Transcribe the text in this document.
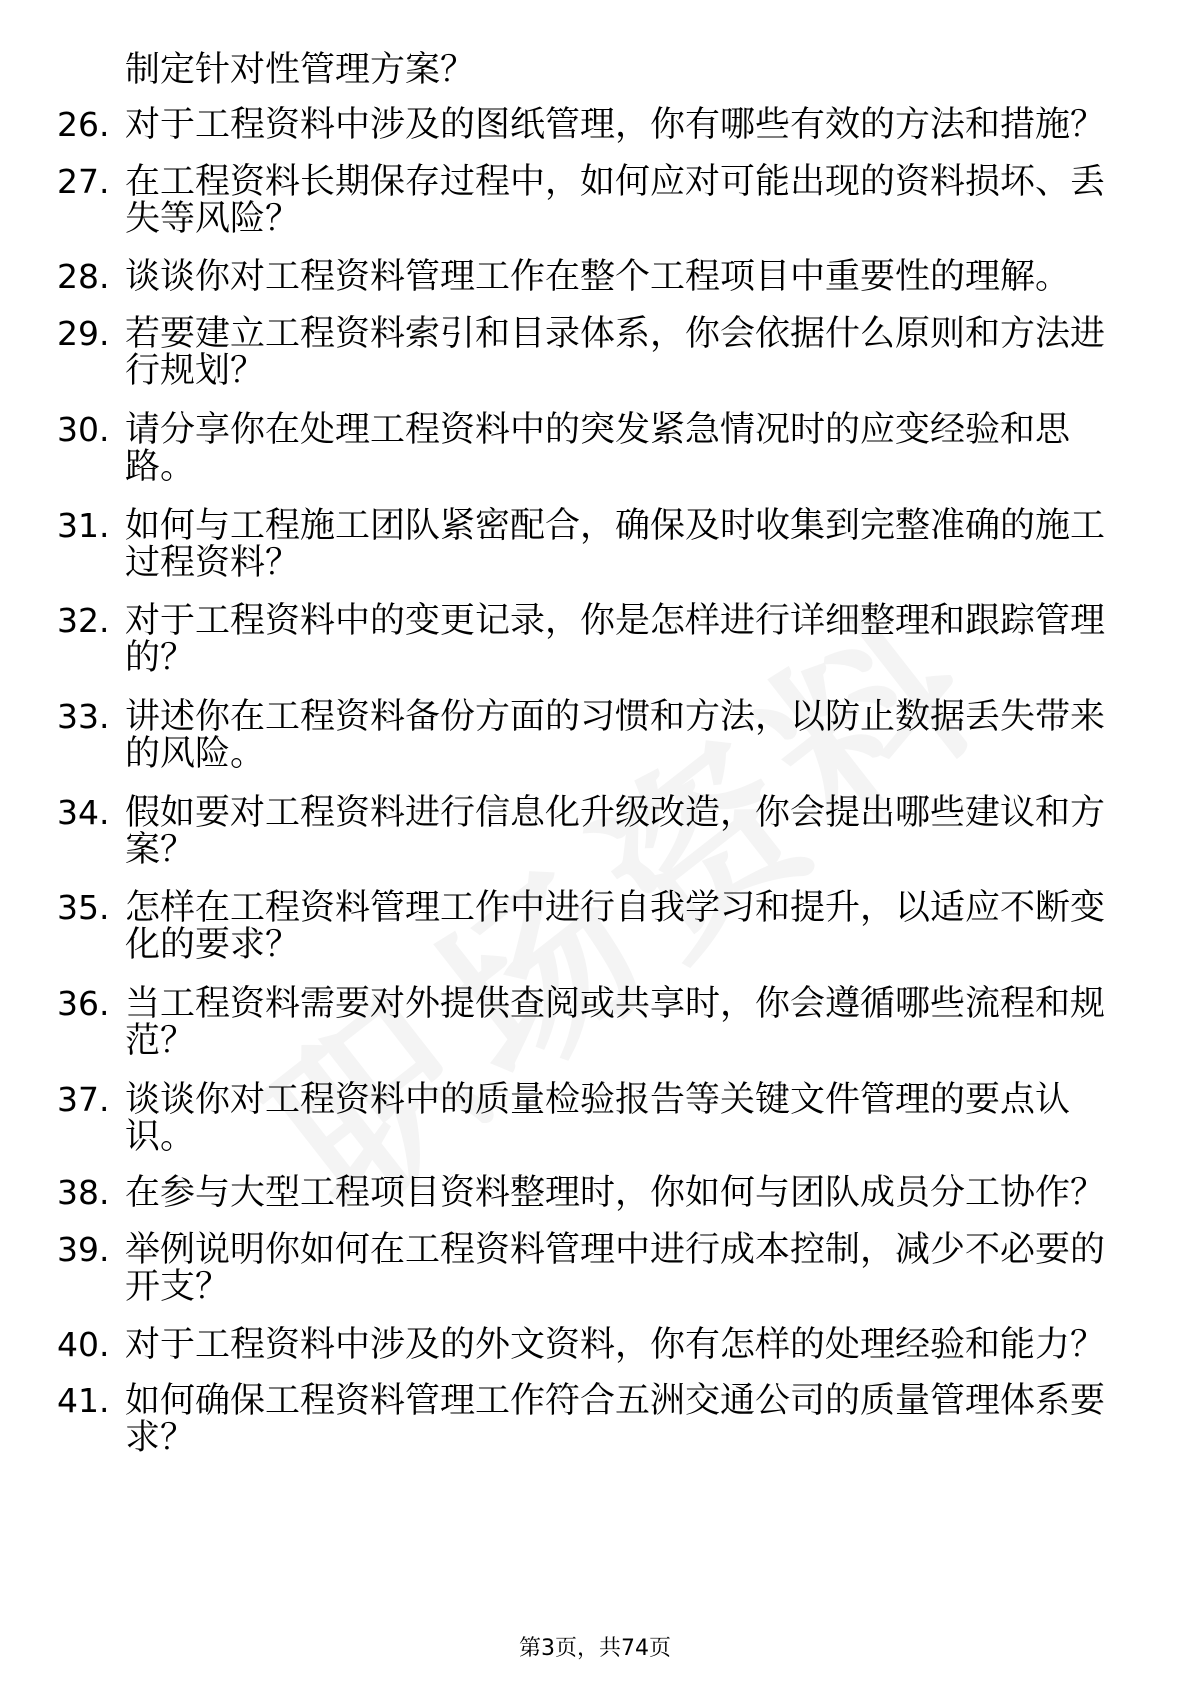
制定针对性管理方案？
26. 对于工程资料中涉及的图纸管理，你有哪些有效的方法和措施？
27. 在工程资料长期保存过程中，如何应对可能出现的资料损坏、丢
失等风险？
28. 谈谈你对工程资料管理工作在整个工程项目中重要性的理解。
29. 若要建立工程资料索引和目录体系，你会依据什么原则和方法进
行规划？
30. 请分享你在处理工程资料中的突发紧急情况时的应变经验和思
路。
31. 如何与工程施工团队紧密配合，确保及时收集到完整准确的施工
过程资料？
32. 对于工程资料中的变更记录，你是怎样进行详细整理和跟踪管理
的？
33. 讲述你在工程资料备份方面的习惯和方法，以防止数据丢失带来
的风险。
34. 假如要对工程资料进行信息化升级改造，你会提出哪些建议和方
案？
35. 怎样在工程资料管理工作中进行自我学习和提升，以适应不断变
化的要求？
36. 当工程资料需要对外提供查阅或共享时，你会遵循哪些流程和规
范？
37. 谈谈你对工程资料中的质量检验报告等关键文件管理的要点认
识。
38. 在参与大型工程项目资料整理时，你如何与团队成员分工协作？
39. 举例说明你如何在工程资料管理中进行成本控制，减少不必要的
开支？
40. 对于工程资料中涉及的外文资料，你有怎样的处理经验和能力？
41. 如何确保工程资料管理工作符合五洲交通公司的质量管理体系要
求？
第3页，共74页
